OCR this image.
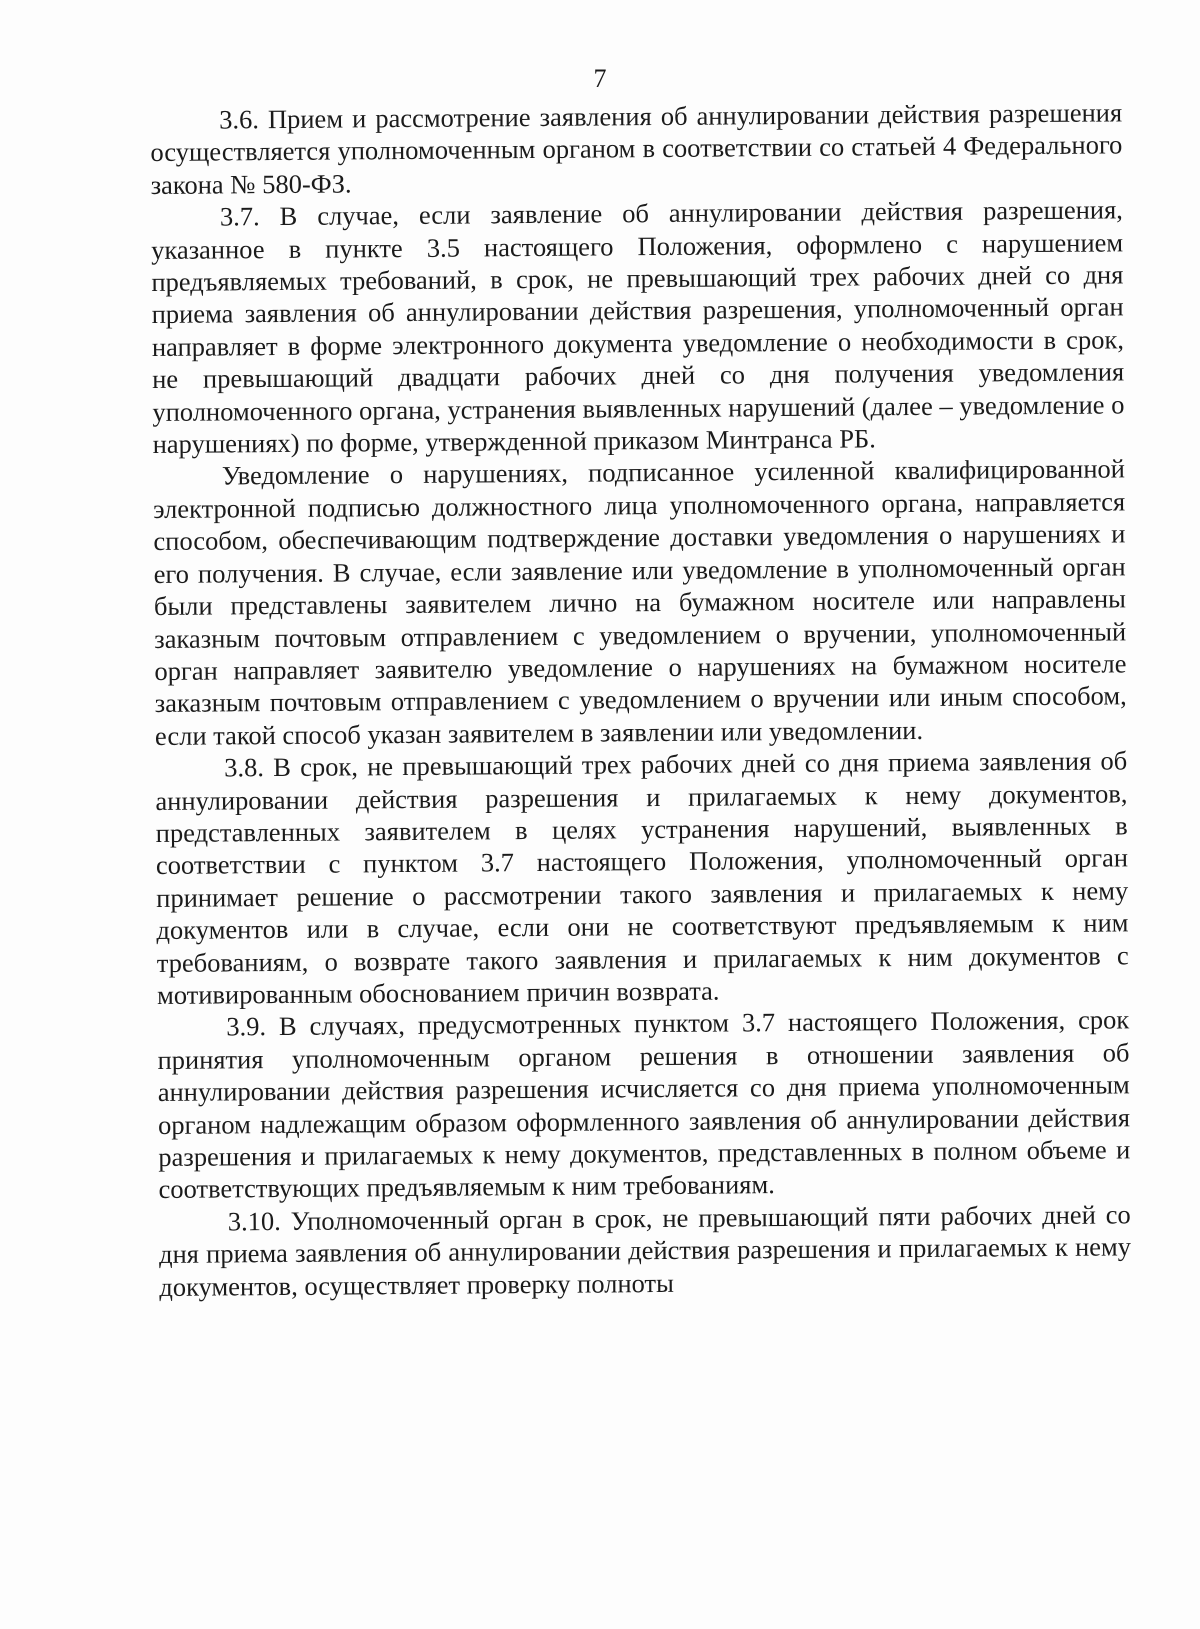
7

3.6. Прием и рассмотрение заявления об аннулировании действия разрешения осуществляется уполномоченным органом в соответствии со статьей 4 Федерального закона № 580-ФЗ.

3.7. В случае, если заявление об аннулировании действия разрешения, указанное в пункте 3.5 настоящего Положения, оформлено с нарушением предъявляемых требований, в срок, не превышающий трех рабочих дней со дня приема заявления об аннулировании действия разрешения, уполномоченный орган направляет в форме электронного документа уведомление о необходимости в срок, не превышающий двадцати рабочих дней со дня получения уведомления уполномоченного органа, устранения выявленных нарушений (далее – уведомление о нарушениях) по форме, утвержденной приказом Минтранса РБ.

Уведомление о нарушениях, подписанное усиленной квалифицированной электронной подписью должностного лица уполномоченного органа, направляется способом, обеспечивающим подтверждение доставки уведомления о нарушениях и его получения. В случае, если заявление или уведомление в уполномоченный орган были представлены заявителем лично на бумажном носителе или направлены заказным почтовым отправлением с уведомлением о вручении, уполномоченный орган направляет заявителю уведомление о нарушениях на бумажном носителе заказным почтовым отправлением с уведомлением о вручении или иным способом, если такой способ указан заявителем в заявлении или уведомлении.

3.8. В срок, не превышающий трех рабочих дней со дня приема заявления об аннулировании действия разрешения и прилагаемых к нему документов, представленных заявителем в целях устранения нарушений, выявленных в соответствии с пунктом 3.7 настоящего Положения, уполномоченный орган принимает решение о рассмотрении такого заявления и прилагаемых к нему документов или в случае, если они не соответствуют предъявляемым к ним требованиям, о возврате такого заявления и прилагаемых к ним документов с мотивированным обоснованием причин возврата.

3.9. В случаях, предусмотренных пунктом 3.7 настоящего Положения, срок принятия уполномоченным органом решения в отношении заявления об аннулировании действия разрешения исчисляется со дня приема уполномоченным органом надлежащим образом оформленного заявления об аннулировании действия разрешения и прилагаемых к нему документов, представленных в полном объеме и соответствующих предъявляемым к ним требованиям.

3.10. Уполномоченный орган в срок, не превышающий пяти рабочих дней со дня приема заявления об аннулировании действия разрешения и прилагаемых к нему документов, осуществляет проверку полноты
